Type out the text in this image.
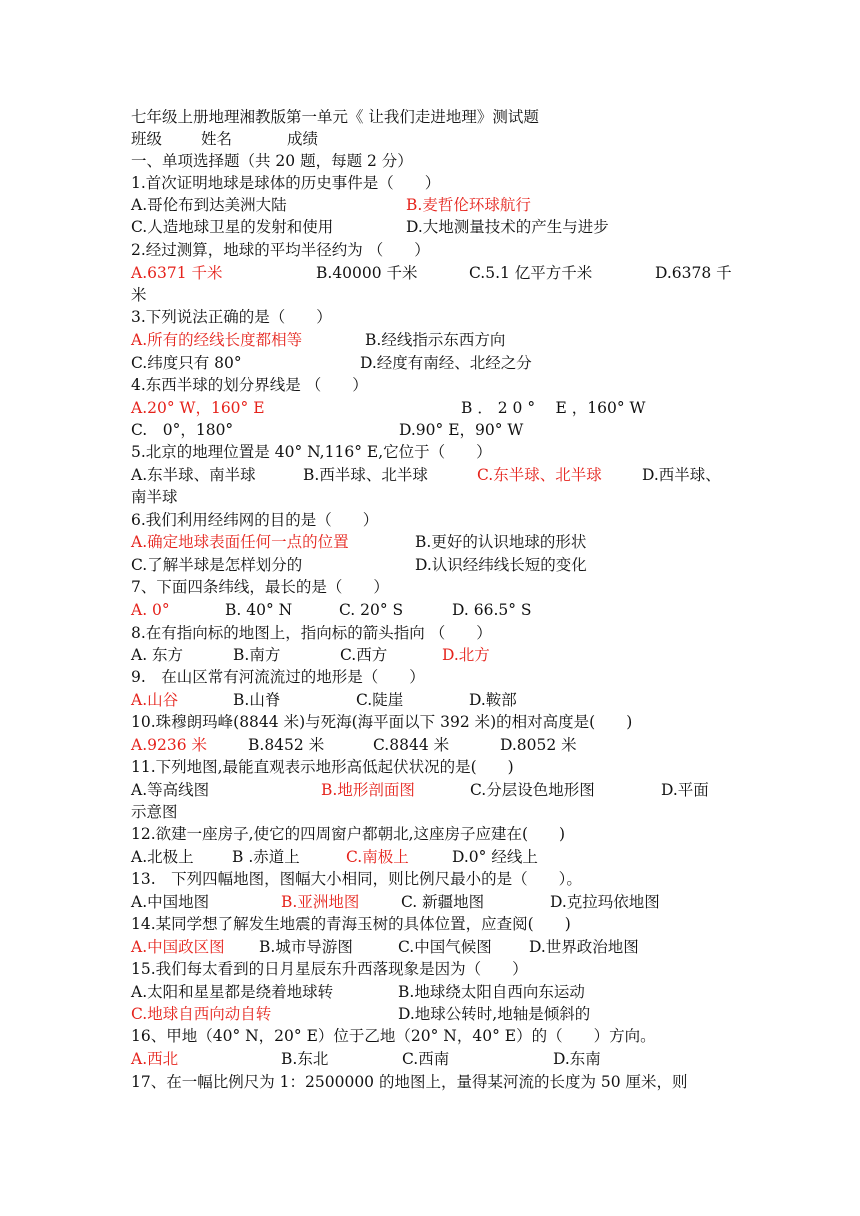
七年级上册地理湘教版第一单元《 让我们走进地理》测试题

班级

	姓名

	成绩

一、单项选择题（共 20 题，每题 2 分）
1.首次证明地球是球体的历史事件是（　　）

A.哥伦布到达美洲大陆

	B.麦哲伦环球航行

C.人造地球卫星的发射和使用

	D.大地测量技术的产生与进步

2.经过测算，地球的平均半径约为 （　　）

A.6371 千米

	B.40000 千米

	C.5.1 亿平方千米

	D.6378 千

米
3.下列说法正确的是（　　）

A.所有的经线长度都相等

	B.经线指示东西方向

C.纬度只有 80°

	D.经度有南经、北经之分

4.东西半球的划分界线是 （　　）

A.20° W，160° E

	B ． 2 0 °　 E ，160° W

C.　0°，180°

	D.90° E，90° W

5.北京的地理位置是 40° N,116° E,它位于（　　）

A.东半球、南半球

	B.西半球、北半球

	C.东半球、北半球

	D.西半球、

南半球
6.我们利用经纬网的目的是（　　）

A.确定地球表面任何一点的位置

	B.更好的认识地球的形状

C.了解半球是怎样划分的

	D.认识经纬线长短的变化

7、下面四条纬线，最长的是（　　）

A. 0°

	B. 40° N

	C. 20° S

	D. 66.5° S

8.在有指向标的地图上，指向标的箭头指向 （　　）

A. 东方

	B.南方

	C.西方

	D.北方

9.　在山区常有河流流过的地形是（　　）

A.山谷

	B.山脊

	C.陡崖

	D.鞍部

10.珠穆朗玛峰(8844 米)与死海(海平面以下 392 米)的相对高度是(　　)

A.9236 米

	B.8452 米

	C.8844 米

	D.8052 米

11.下列地图,最能直观表示地形高低起伏状况的是(　　)

A.等高线图

	B.地形剖面图

	C.分层设色地形图

	D.平面

示意图
12.欲建一座房子,使它的四周窗户都朝北,这座房子应建在(　　)

A.北极上

B .赤道上

	C.南极上

	D.0° 经线上

13.　下列四幅地图，图幅大小相同，则比例尺最小的是（　　）。

A.中国地图

	B.亚洲地图

	C. 新疆地图

	D.克拉玛依地图

14.某同学想了解发生地震的青海玉树的具体位置，应查阅(　　)

A.中国政区图

B.城市导游图

	C.中国气候图

D.世界政治地图

15.我们每太看到的日月星辰东升西落现象是因为（　　）

A.太阳和星星都是绕着地球转

	B.地球绕太阳自西向东运动

C.地球自西向动自转

	D.地球公转时,地轴是倾斜的

16、甲地（40° N，20° E）位于乙地（20° N，40° E）的（　　）方向。

A.西北

	B.东北

	C.西南

	D.东南

17、在一幅比例尺为 1：2500000 的地图上，量得某河流的长度为 50 厘米，则
